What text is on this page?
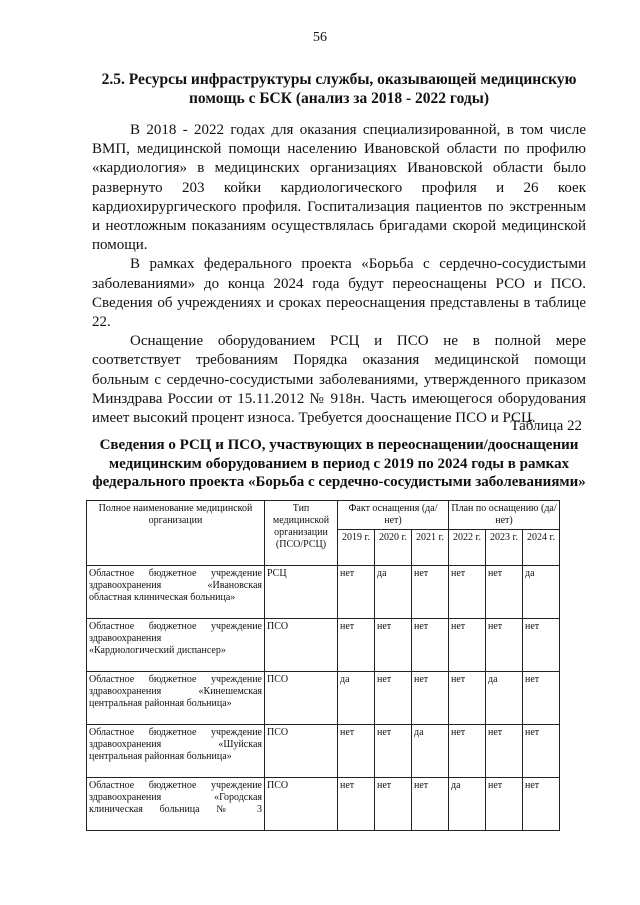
56
2.5. Ресурсы инфраструктуры службы, оказывающей медицинскую помощь с БСК (анализ за 2018 - 2022 годы)

В 2018 - 2022 годах для оказания специализированной, в том числе ВМП, медицинской помощи населению Ивановской области по профилю «кардиология» в медицинских организациях Ивановской области было развернуто 203 койки кардиологического профиля и 26 коек кардиохирургического профиля. Госпитализация пациентов по экстренным и неотложным показаниям осуществлялась бригадами скорой медицинской помощи.

В рамках федерального проекта «Борьба с сердечно-сосудистыми заболеваниями» до конца 2024 года будут переоснащены РСО и ПСО. Сведения об учреждениях и сроках переоснащения представлены в таблице 22.

Оснащение оборудованием РСЦ и ПСО не в полной мере соответствует требованиям Порядка оказания медицинской помощи больным с сердечно-сосудистыми заболеваниями, утвержденного приказом Минздрава России от 15.11.2012 № 918н. Часть имеющегося оборудования имеет высокий процент износа. Требуется дооснащение ПСО и РСЦ.

Таблица 22
Сведения о РСЦ и ПСО, участвующих в переоснащении/дооснащении медицинским оборудованием в период с 2019 по 2024 годы в рамках федерального проекта «Борьба с сердечно-сосудистыми заболеваниями»
Полное наименование медицинской организации	Тип медицинской организации (ПСО/РСЦ)	Факт оснащения (да/нет)			План по оснащению (да/нет)		
		2019 г.	2020 г.	2021 г.	2022 г.	2023 г.	2024 г.

Областное бюджетное учреждение
здравоохранения «Ивановская
областная клиническая больница»	РСЦ	нет	да	нет	нет	нет	да

Областное бюджетное учреждение
здравоохранения
«Кардиологический диспансер»	ПСО	нет	нет	нет	нет	нет	нет

Областное бюджетное учреждение
здравоохранения «Кинешемская
центральная районная больница»	ПСО	да	нет	нет	нет	да	нет

Областное бюджетное учреждение
здравоохранения «Шуйская
центральная районная больница»	ПСО	нет	нет	да	нет	нет	нет

Областное бюджетное учреждение
здравоохранения «Городская
клиническая больница № 3	ПСО	нет	нет	нет	да	нет	нет
